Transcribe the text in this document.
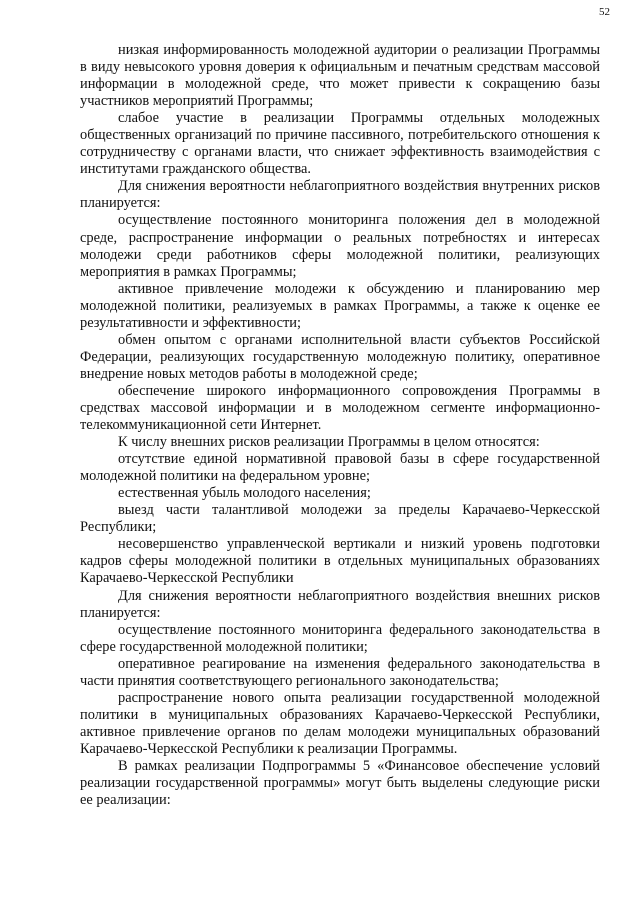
52

низкая информированность молодежной аудитории о реализации Программы в виду невысокого уровня доверия к официальным и печатным средствам массовой информации в молодежной среде, что может привести к сокращению базы участников мероприятий Программы;

слабое участие в реализации Программы отдельных молодежных общественных организаций по причине пассивного, потребительского отношения к сотрудничеству с органами власти, что снижает эффективность взаимодействия с институтами гражданского общества.

Для снижения вероятности неблагоприятного воздействия внутренних рисков планируется:

осуществление постоянного мониторинга положения дел в молодежной среде, распространение информации о реальных потребностях и интересах молодежи среди работников сферы молодежной политики, реализующих мероприятия в рамках Программы;

активное привлечение молодежи к обсуждению и планированию мер молодежной политики, реализуемых в рамках Программы, а также к оценке ее результативности и эффективности;

обмен опытом с органами исполнительной власти субъектов Российской Федерации, реализующих государственную молодежную политику, оперативное внедрение новых методов работы в молодежной среде;

обеспечение широкого информационного сопровождения Программы в средствах массовой информации и в молодежном сегменте информационно-телекоммуникационной сети Интернет.

К числу внешних рисков реализации Программы в целом относятся:

отсутствие единой нормативной правовой базы в сфере государственной молодежной политики на федеральном уровне;

естественная убыль молодого населения;

выезд части талантливой молодежи за пределы Карачаево-Черкесской Республики;

несовершенство управленческой вертикали и низкий уровень подготовки кадров сферы молодежной политики в отдельных муниципальных образованиях Карачаево-Черкесской Республики

Для снижения вероятности неблагоприятного воздействия внешних рисков планируется:

осуществление постоянного мониторинга федерального законодательства в сфере государственной молодежной политики;

оперативное реагирование на изменения федерального законодательства в части принятия соответствующего регионального законодательства;

распространение нового опыта реализации государственной молодежной политики в муниципальных образованиях Карачаево-Черкесской Республики, активное привлечение органов по делам молодежи муниципальных образований Карачаево-Черкесской Республики к реализации Программы.

В рамках реализации Подпрограммы 5 «Финансовое обеспечение условий реализации государственной программы» могут быть выделены следующие риски ее реализации:
